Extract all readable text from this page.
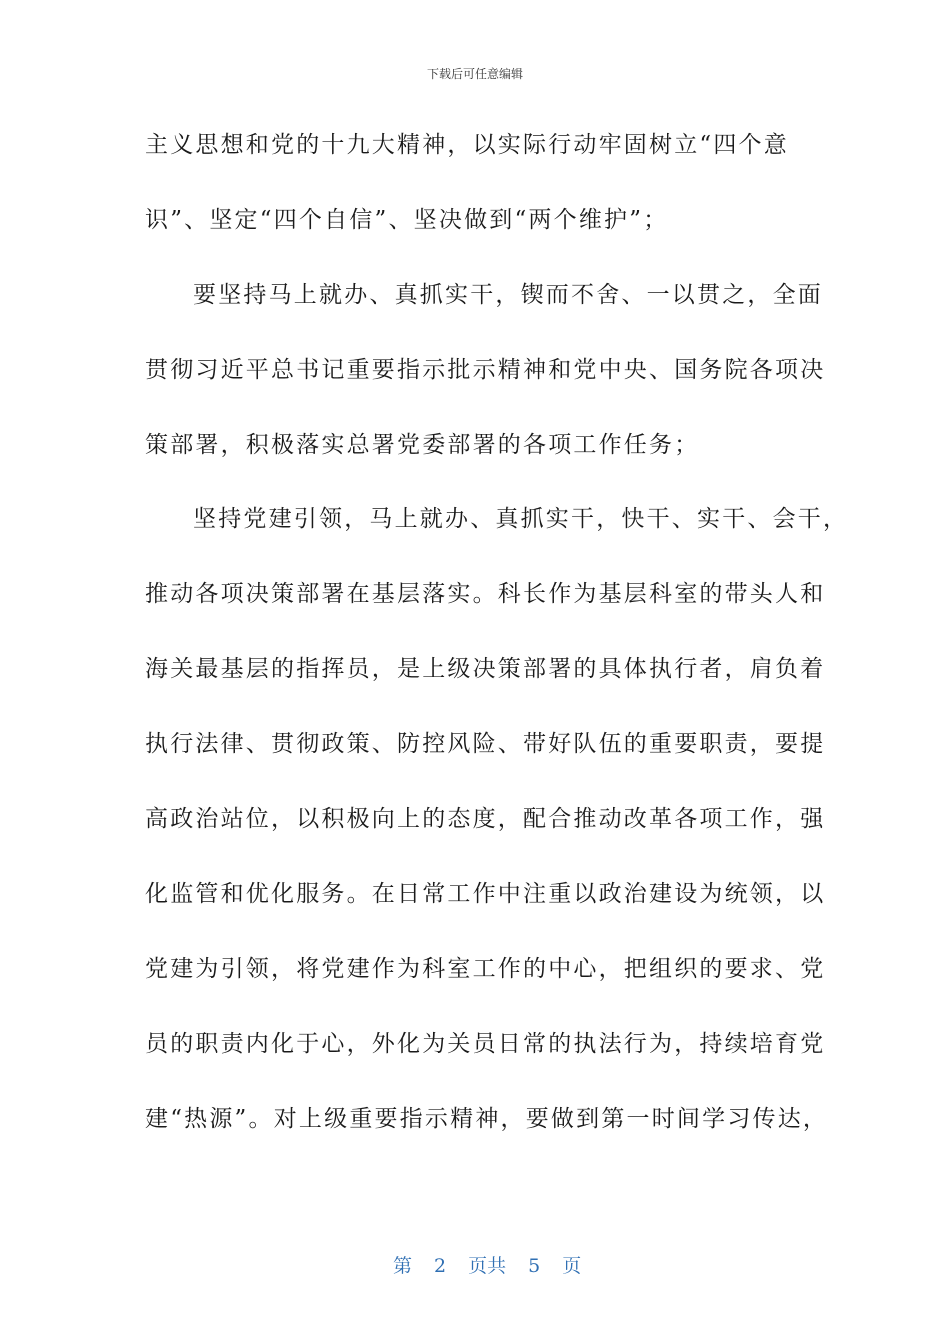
下载后可任意编辑
主义思想和党的十九大精神，以实际行动牢固树立“四个意
识”、坚定“四个自信”、坚决做到“两个维护”；
要坚持马上就办、真抓实干，锲而不舍、一以贯之，全面
贯彻习近平总书记重要指示批示精神和党中央、国务院各项决
策部署，积极落实总署党委部署的各项工作任务；
坚持党建引领，马上就办、真抓实干，快干、实干、会干，
推动各项决策部署在基层落实。科长作为基层科室的带头人和
海关最基层的指挥员，是上级决策部署的具体执行者，肩负着
执行法律、贯彻政策、防控风险、带好队伍的重要职责，要提
高政治站位，以积极向上的态度，配合推动改革各项工作，强
化监管和优化服务。在日常工作中注重以政治建设为统领，以
党建为引领，将党建作为科室工作的中心，把组织的要求、党
员的职责内化于心，外化为关员日常的执法行为，持续培育党
建“热源”。对上级重要指示精神，要做到第一时间学习传达，

第 2 页共 5 页
